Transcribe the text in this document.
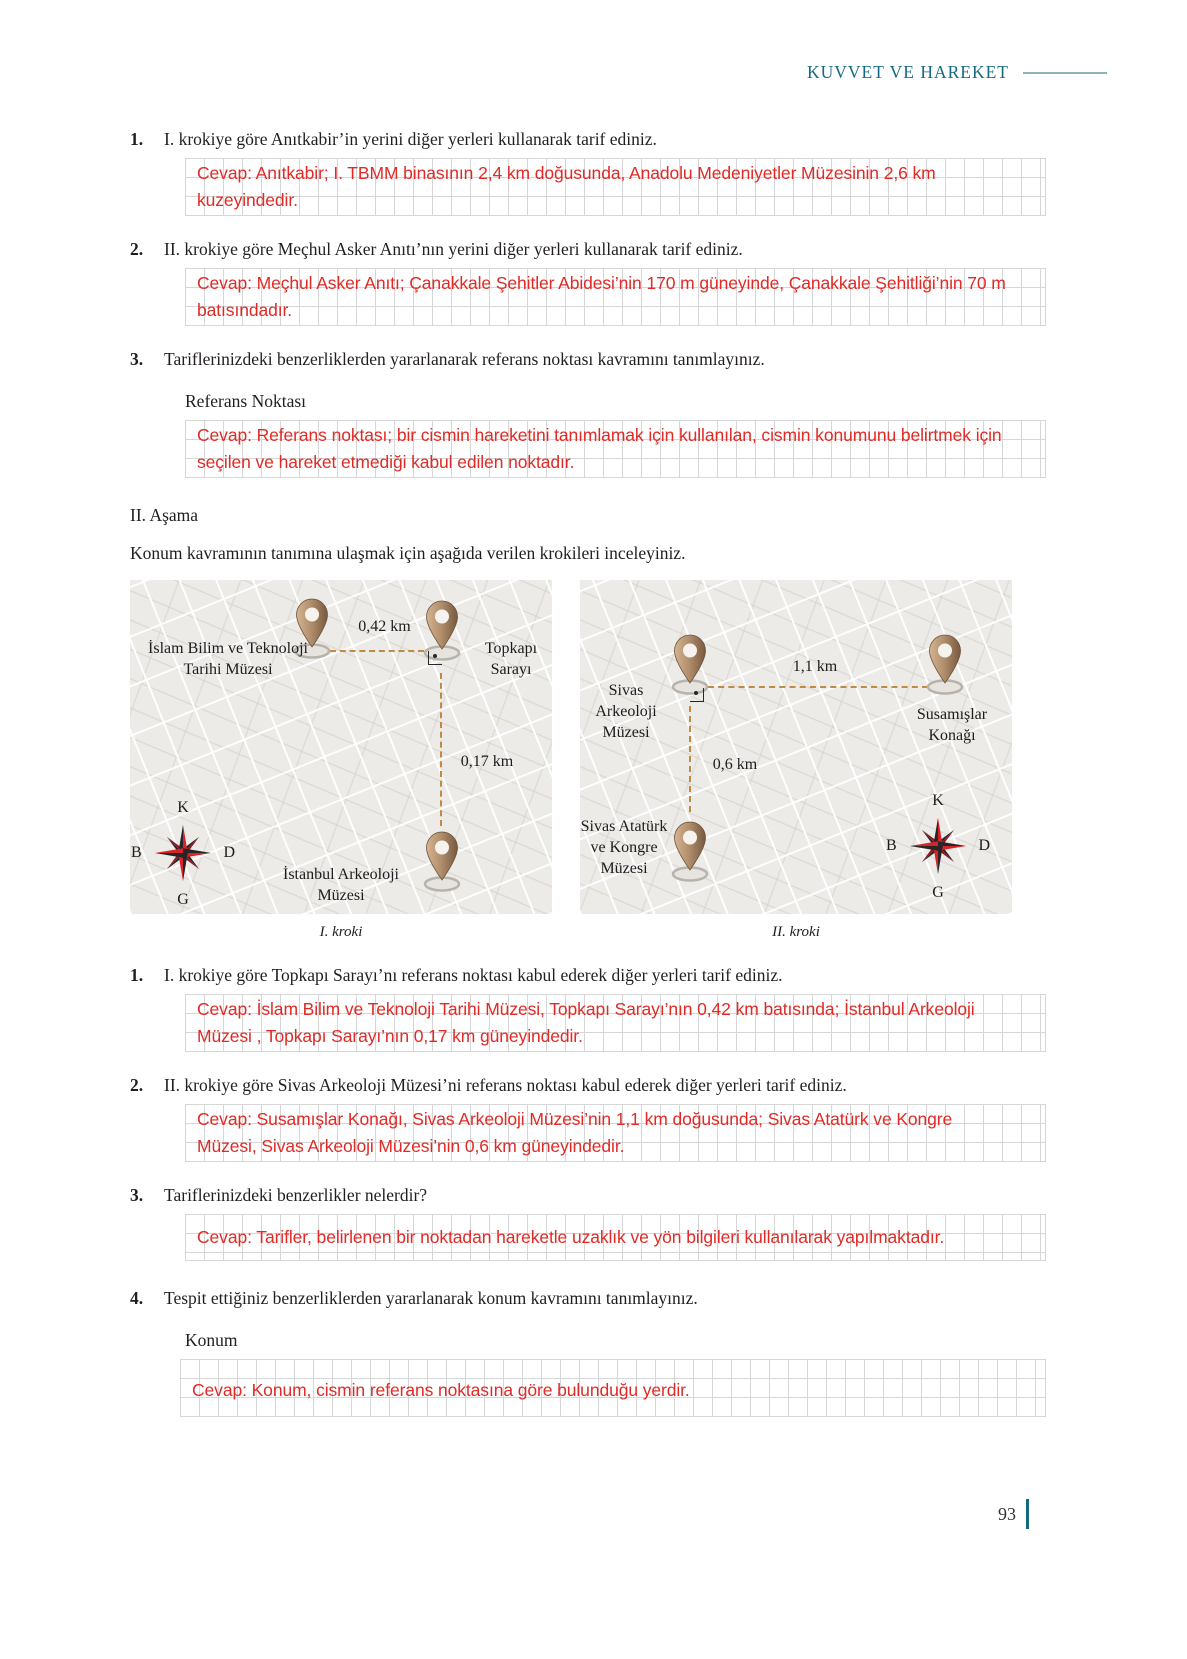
KUVVET VE HAREKET
1.	I. krokiye göre Anıtkabir’in yerini diğer yerleri kullanarak tarif ediniz.
Cevap: Anıtkabir; I. TBMM binasının 2,4 km doğusunda, Anadolu Medeniyetler Müzesinin 2,6 km
kuzeyindedir.
2.	II. krokiye göre Meçhul Asker Anıtı’nın yerini diğer yerleri kullanarak tarif ediniz.
Cevap: Meçhul Asker Anıtı; Çanakkale Şehitler Abidesi’nin 170 m güneyinde, Çanakkale Şehitliği’nin 70 m
batısındadır.
3.	Tariflerinizdeki benzerliklerden yararlanarak referans noktası kavramını tanımlayınız.
Referans Noktası
Cevap: Referans noktası; bir cismin hareketini tanımlamak için kullanılan, cismin konumunu belirtmek için
seçilen ve hareket etmediği kabul edilen noktadır.
II. Aşama
Konum kavramının tanımına ulaşmak için aşağıda verilen krokileri inceleyiniz.
İslam Bilim ve Teknoloji Tarihi Müzesi
Topkapı Sarayı
İstanbul Arkeoloji Müzesi
0,42 km
0,17 km
K
B	D
G
I. kroki
Sivas Arkeoloji Müzesi
Susamışlar Konağı
Sivas Atatürk ve Kongre Müzesi
1,1 km
0,6 km
K
B	D
G
II. kroki
1.	I. krokiye göre Topkapı Sarayı’nı referans noktası kabul ederek diğer yerleri tarif ediniz.
Cevap: İslam Bilim ve Teknoloji Tarihi Müzesi, Topkapı Sarayı’nın 0,42 km batısında; İstanbul Arkeoloji
Müzesi , Topkapı Sarayı’nın 0,17 km güneyindedir.
2.	II. krokiye göre Sivas Arkeoloji Müzesi’ni referans noktası kabul ederek diğer yerleri tarif ediniz.
Cevap: Susamışlar Konağı, Sivas Arkeoloji Müzesi’nin 1,1 km doğusunda; Sivas Atatürk ve Kongre
Müzesi, Sivas Arkeoloji Müzesi’nin 0,6 km güneyindedir.
3.	Tariflerinizdeki benzerlikler nelerdir?
Cevap: Tarifler, belirlenen bir noktadan hareketle uzaklık ve yön bilgileri kullanılarak yapılmaktadır.
4.	Tespit ettiğiniz benzerliklerden yararlanarak konum kavramını tanımlayınız.
Konum
Cevap: Konum, cismin referans noktasına göre bulunduğu yerdir.
93
